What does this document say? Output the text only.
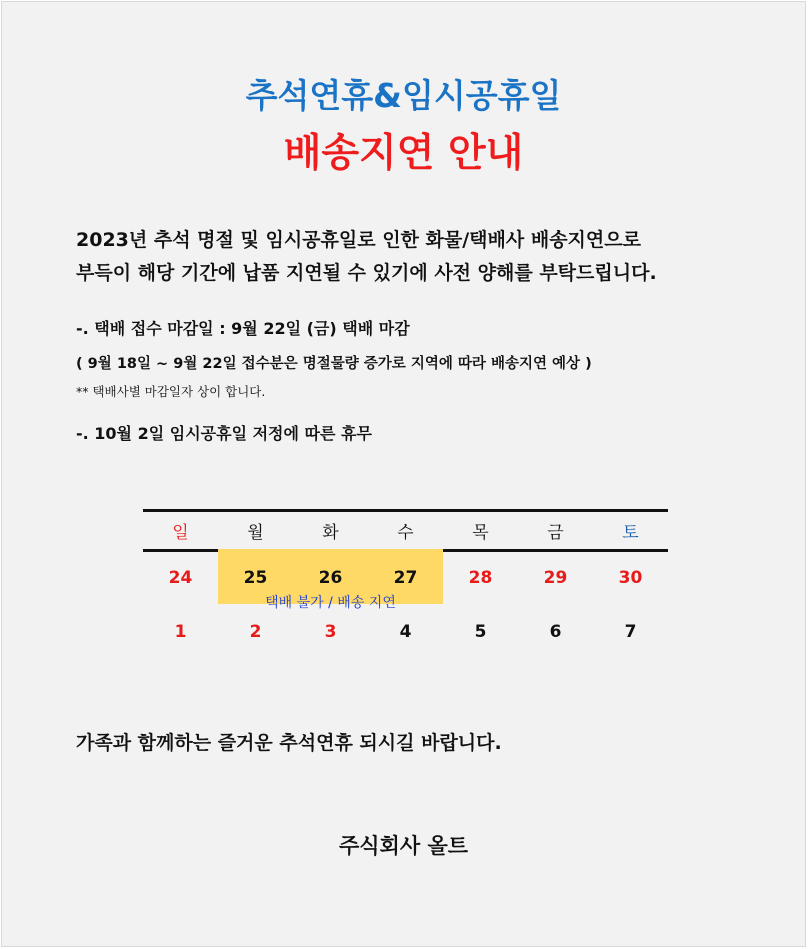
추석연휴&임시공휴일
배송지연 안내
2023년 추석 명절 및 임시공휴일로 인한 화물/택배사 배송지연으로
부득이 해당 기간에 납품 지연될 수 있기에 사전 양해를 부탁드립니다.
-. 택배 접수 마감일 : 9월 22일 (금) 택배 마감
( 9월 18일 ~ 9월 22일 접수분은 명절물량 증가로 지역에 따라 배송지연 예상 )
** 택배사별 마감일자 상이 합니다.
-. 10월 2일 임시공휴일 저정에 따른 휴무
택배 불가 / 배송 지연
일	월	화	수	목	금	토
24	25	26	27	28	29	30
1	2	3	4	5	6	7
가족과 함께하는 즐거운 추석연휴 되시길 바랍니다.
주식회사 올트
